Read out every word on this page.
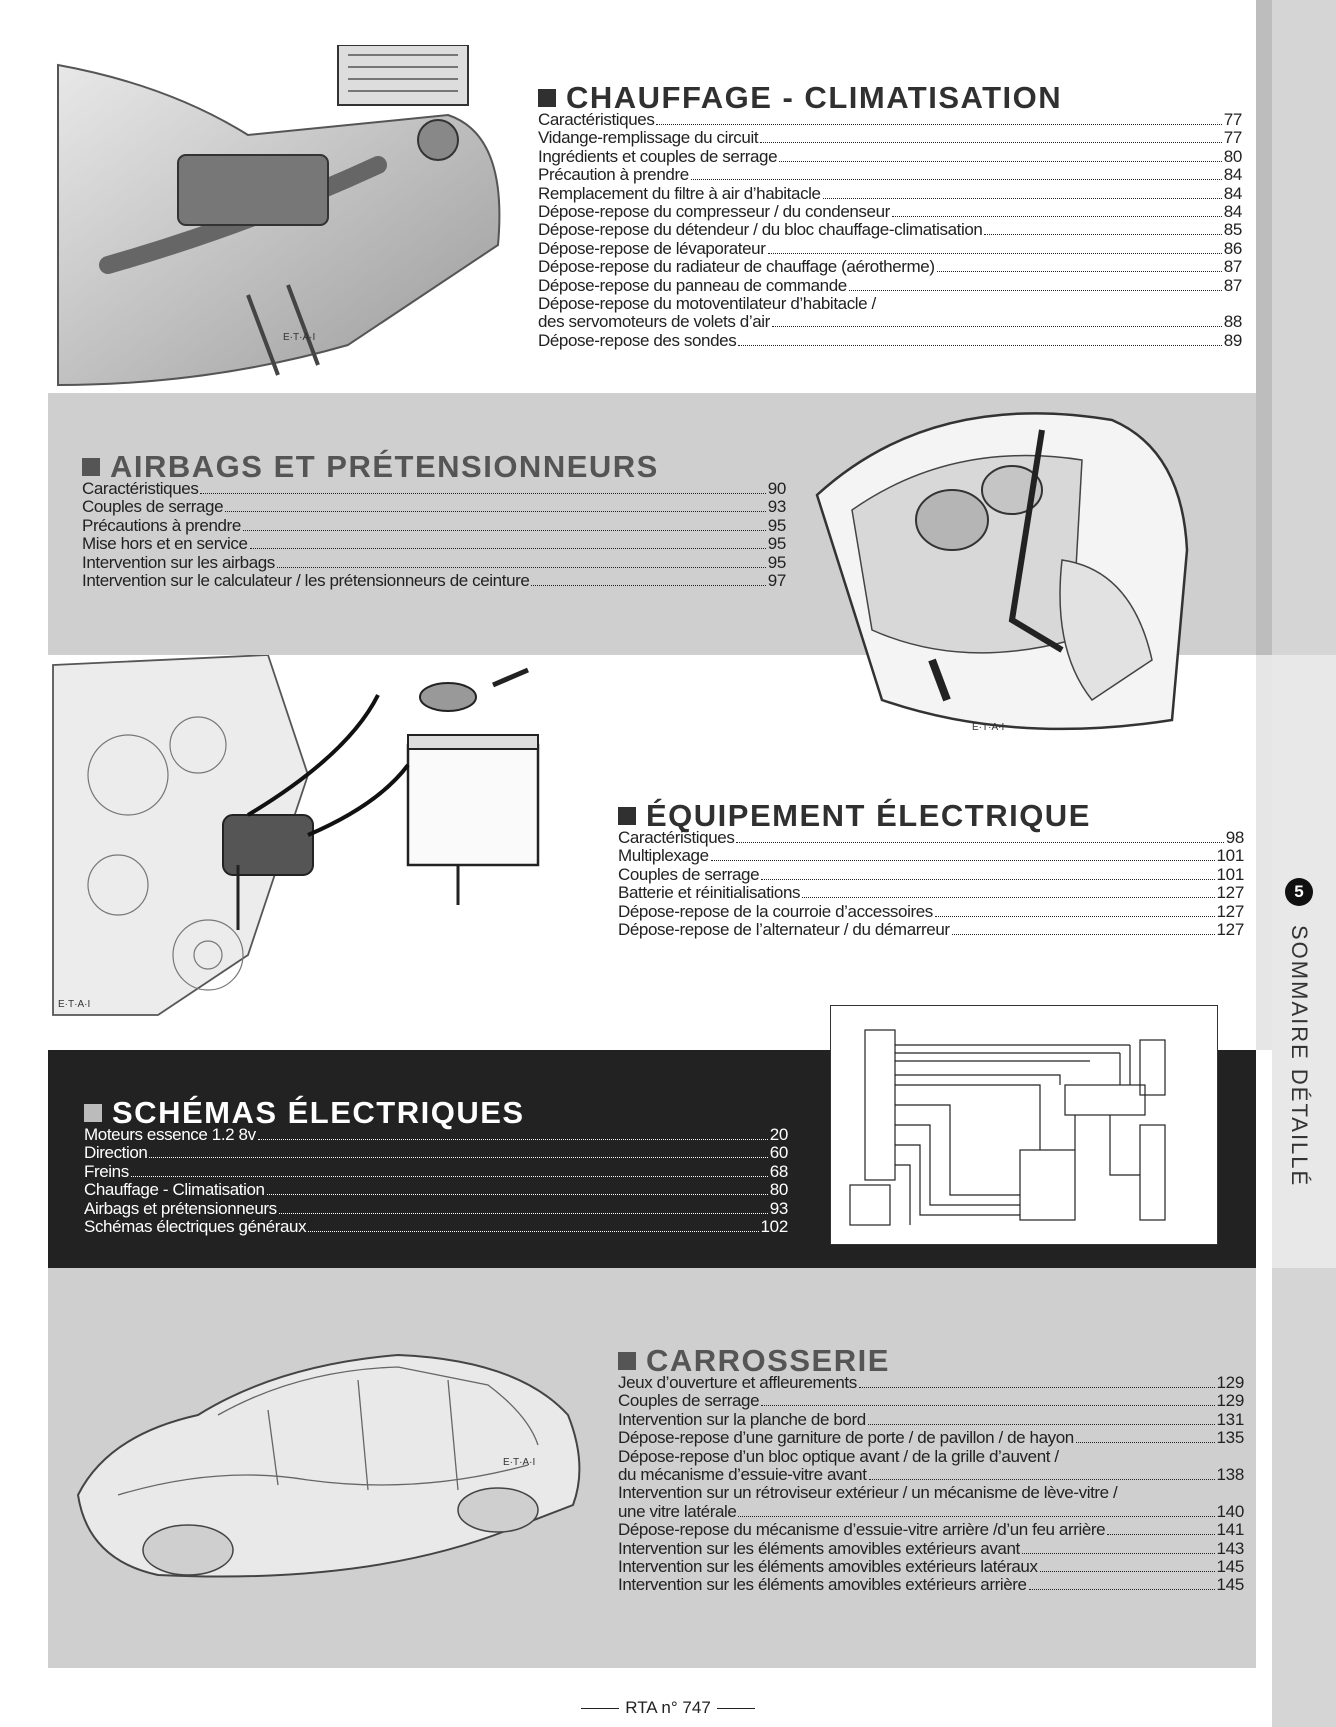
E·T·A·I
CHAUFFAGE - CLIMATISATION
Caractéristiques	77
Vidange-remplissage du circuit	77
Ingrédients et couples de serrage	80
Précaution à prendre	84
Remplacement du filtre à air d’habitacle	84
Dépose-repose du compresseur / du condenseur	84
Dépose-repose du détendeur / du bloc chauffage-climatisation	85
Dépose-repose de lévaporateur	86
Dépose-repose du radiateur de chauffage (aérotherme)	87
Dépose-repose du panneau de commande	87
Dépose-repose du motoventilateur d’habitacle /
des servomoteurs de volets d’air	88
Dépose-repose des sondes	89
AIRBAGS ET PRÉTENSIONNEURS
Caractéristiques	90
Couples de serrage	93
Précautions à prendre	95
Mise hors et en service	95
Intervention sur les airbags	95
Intervention sur le calculateur / les prétensionneurs de ceinture	97
E·T·A·I
E·T·A·I
ÉQUIPEMENT ÉLECTRIQUE
Caractéristiques	98
Multiplexage	101
Couples de serrage	101
Batterie et réinitialisations	127
Dépose-repose de la courroie d’accessoires	127
Dépose-repose de l’alternateur / du démarreur	127
SCHÉMAS ÉLECTRIQUES
Moteurs essence 1.2 8v	20
Direction	60
Freins	68
Chauffage - Climatisation	80
Airbags et prétensionneurs	93
Schémas électriques généraux	102
E·T·A·I
CARROSSERIE
Jeux d’ouverture et affleurements	129
Couples de serrage	129
Intervention sur la planche de bord	131
Dépose-repose d’une garniture de porte / de pavillon / de hayon	135
Dépose-repose d’un bloc optique avant / de la grille d’auvent /
du mécanisme d’essuie-vitre avant	138
Intervention sur un rétroviseur extérieur / un mécanisme de lève-vitre /
une vitre latérale	140
Dépose-repose du mécanisme d’essuie-vitre arrière /d’un feu arrière	141
Intervention sur les éléments amovibles extérieurs avant	143
Intervention sur les éléments amovibles extérieurs latéraux	145
Intervention sur les éléments amovibles extérieurs arrière	145
5
SOMMAIRE DÉTAILLÉ
RTA n° 747
